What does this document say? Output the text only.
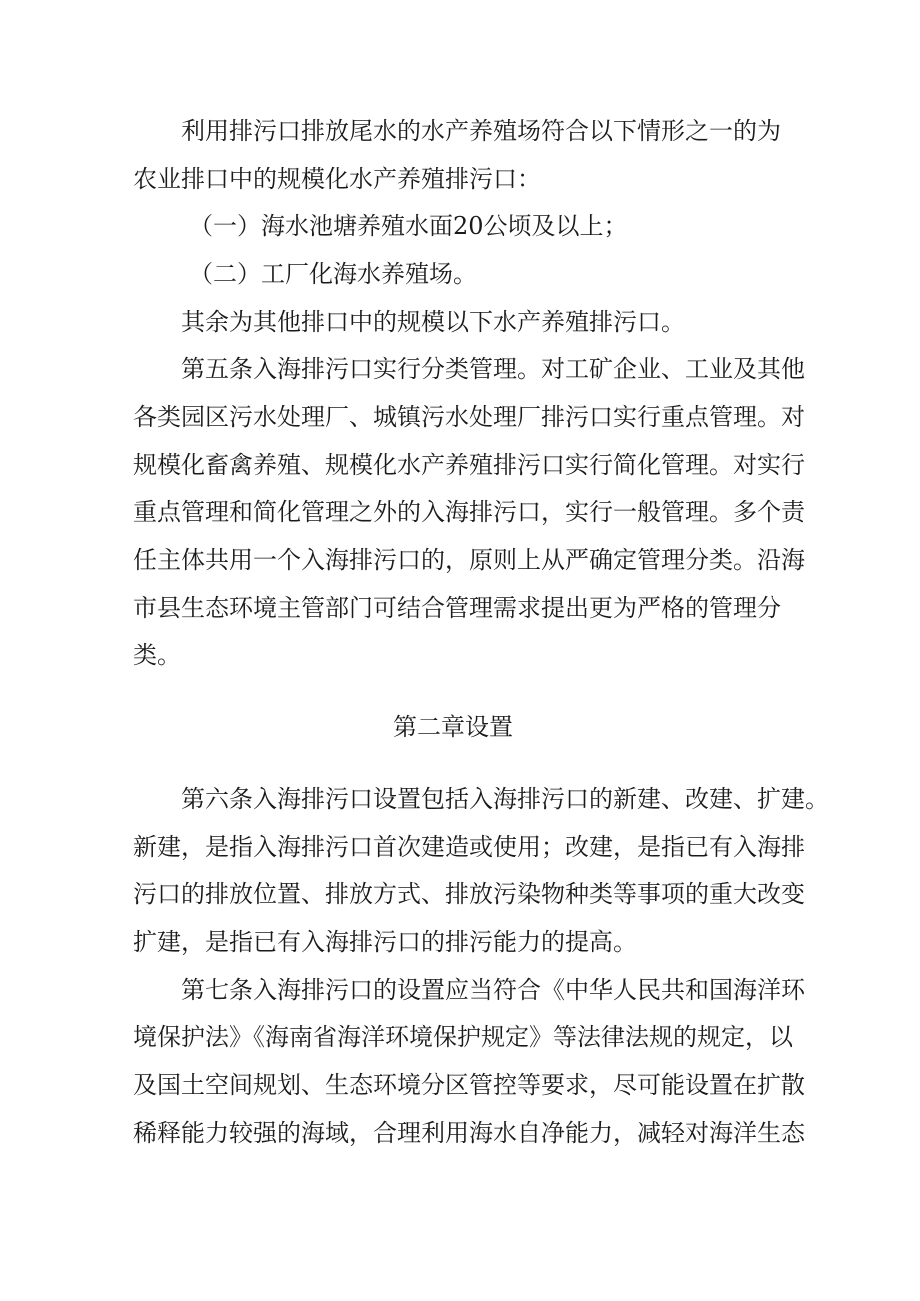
利用排污口排放尾水的水产养殖场符合以下情形之一的为
农业排口中的规模化水产养殖排污口：
（一）海水池塘养殖水面20公顷及以上；
（二）工厂化海水养殖场。
其余为其他排口中的规模以下水产养殖排污口。
第五条入海排污口实行分类管理。对工矿企业、工业及其他
各类园区污水处理厂、城镇污水处理厂排污口实行重点管理。对
规模化畜禽养殖、规模化水产养殖排污口实行简化管理。对实行
重点管理和简化管理之外的入海排污口，实行一般管理。多个责
任主体共用一个入海排污口的，原则上从严确定管理分类。沿海
市县生态环境主管部门可结合管理需求提出更为严格的管理分
类。
第二章设置
第六条入海排污口设置包括入海排污口的新建、改建、扩建。
新建，是指入海排污口首次建造或使用；改建，是指已有入海排
污口的排放位置、排放方式、排放污染物种类等事项的重大改变
扩建，是指已有入海排污口的排污能力的提高。
第七条入海排污口的设置应当符合《中华人民共和国海洋环
境保护法》《海南省海洋环境保护规定》等法律法规的规定，以
及国土空间规划、生态环境分区管控等要求，尽可能设置在扩散
稀释能力较强的海域，合理利用海水自净能力，减轻对海洋生态
